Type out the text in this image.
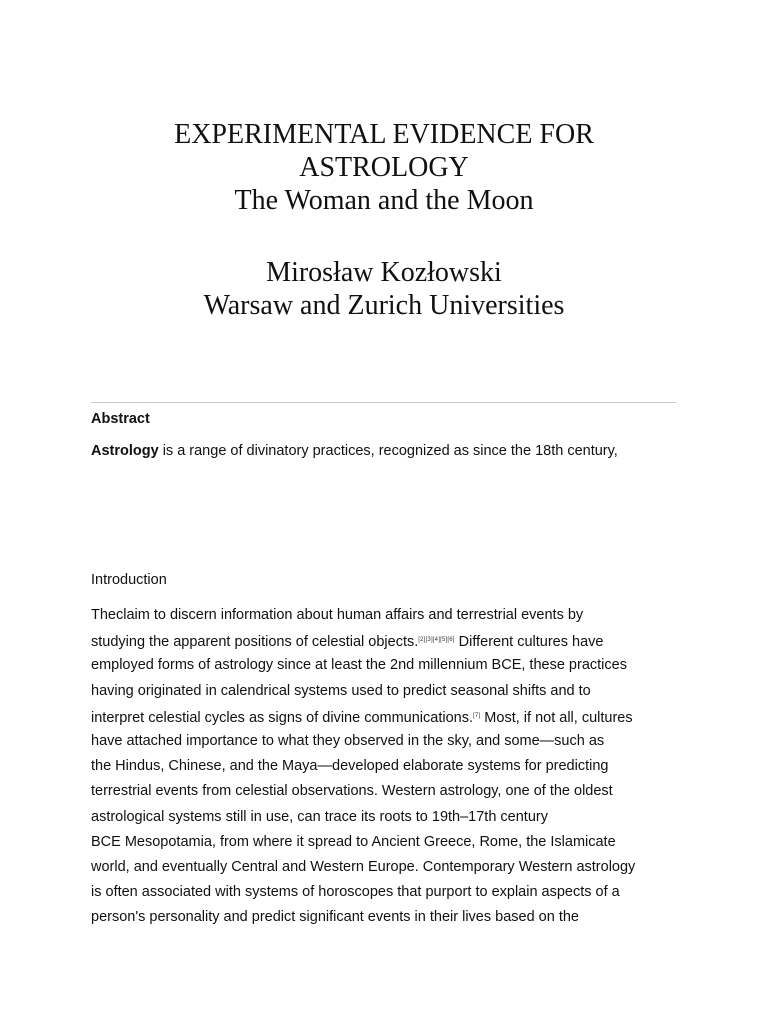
EXPERIMENTAL EVIDENCE FOR
ASTROLOGY
The Woman and the Moon
Mirosław Kozłowski
Warsaw and Zurich Universities

Abstract

Astrology is a range of divinatory practices, recognized as since the 18th century,

Introduction

Theclaim to discern information about human affairs and terrestrial events by
studying the apparent positions of celestial objects.[2][3][4][5][6] Different cultures have
employed forms of astrology since at least the 2nd millennium BCE, these practices
having originated in calendrical systems used to predict seasonal shifts and to
interpret celestial cycles as signs of divine communications.[7] Most, if not all, cultures
have attached importance to what they observed in the sky, and some—such as
the Hindus, Chinese, and the Maya—developed elaborate systems for predicting
terrestrial events from celestial observations. Western astrology, one of the oldest
astrological systems still in use, can trace its roots to 19th–17th century
BCE Mesopotamia, from where it spread to Ancient Greece, Rome, the Islamicate
world, and eventually Central and Western Europe. Contemporary Western astrology
is often associated with systems of horoscopes that purport to explain aspects of a
person's personality and predict significant events in their lives based on the
